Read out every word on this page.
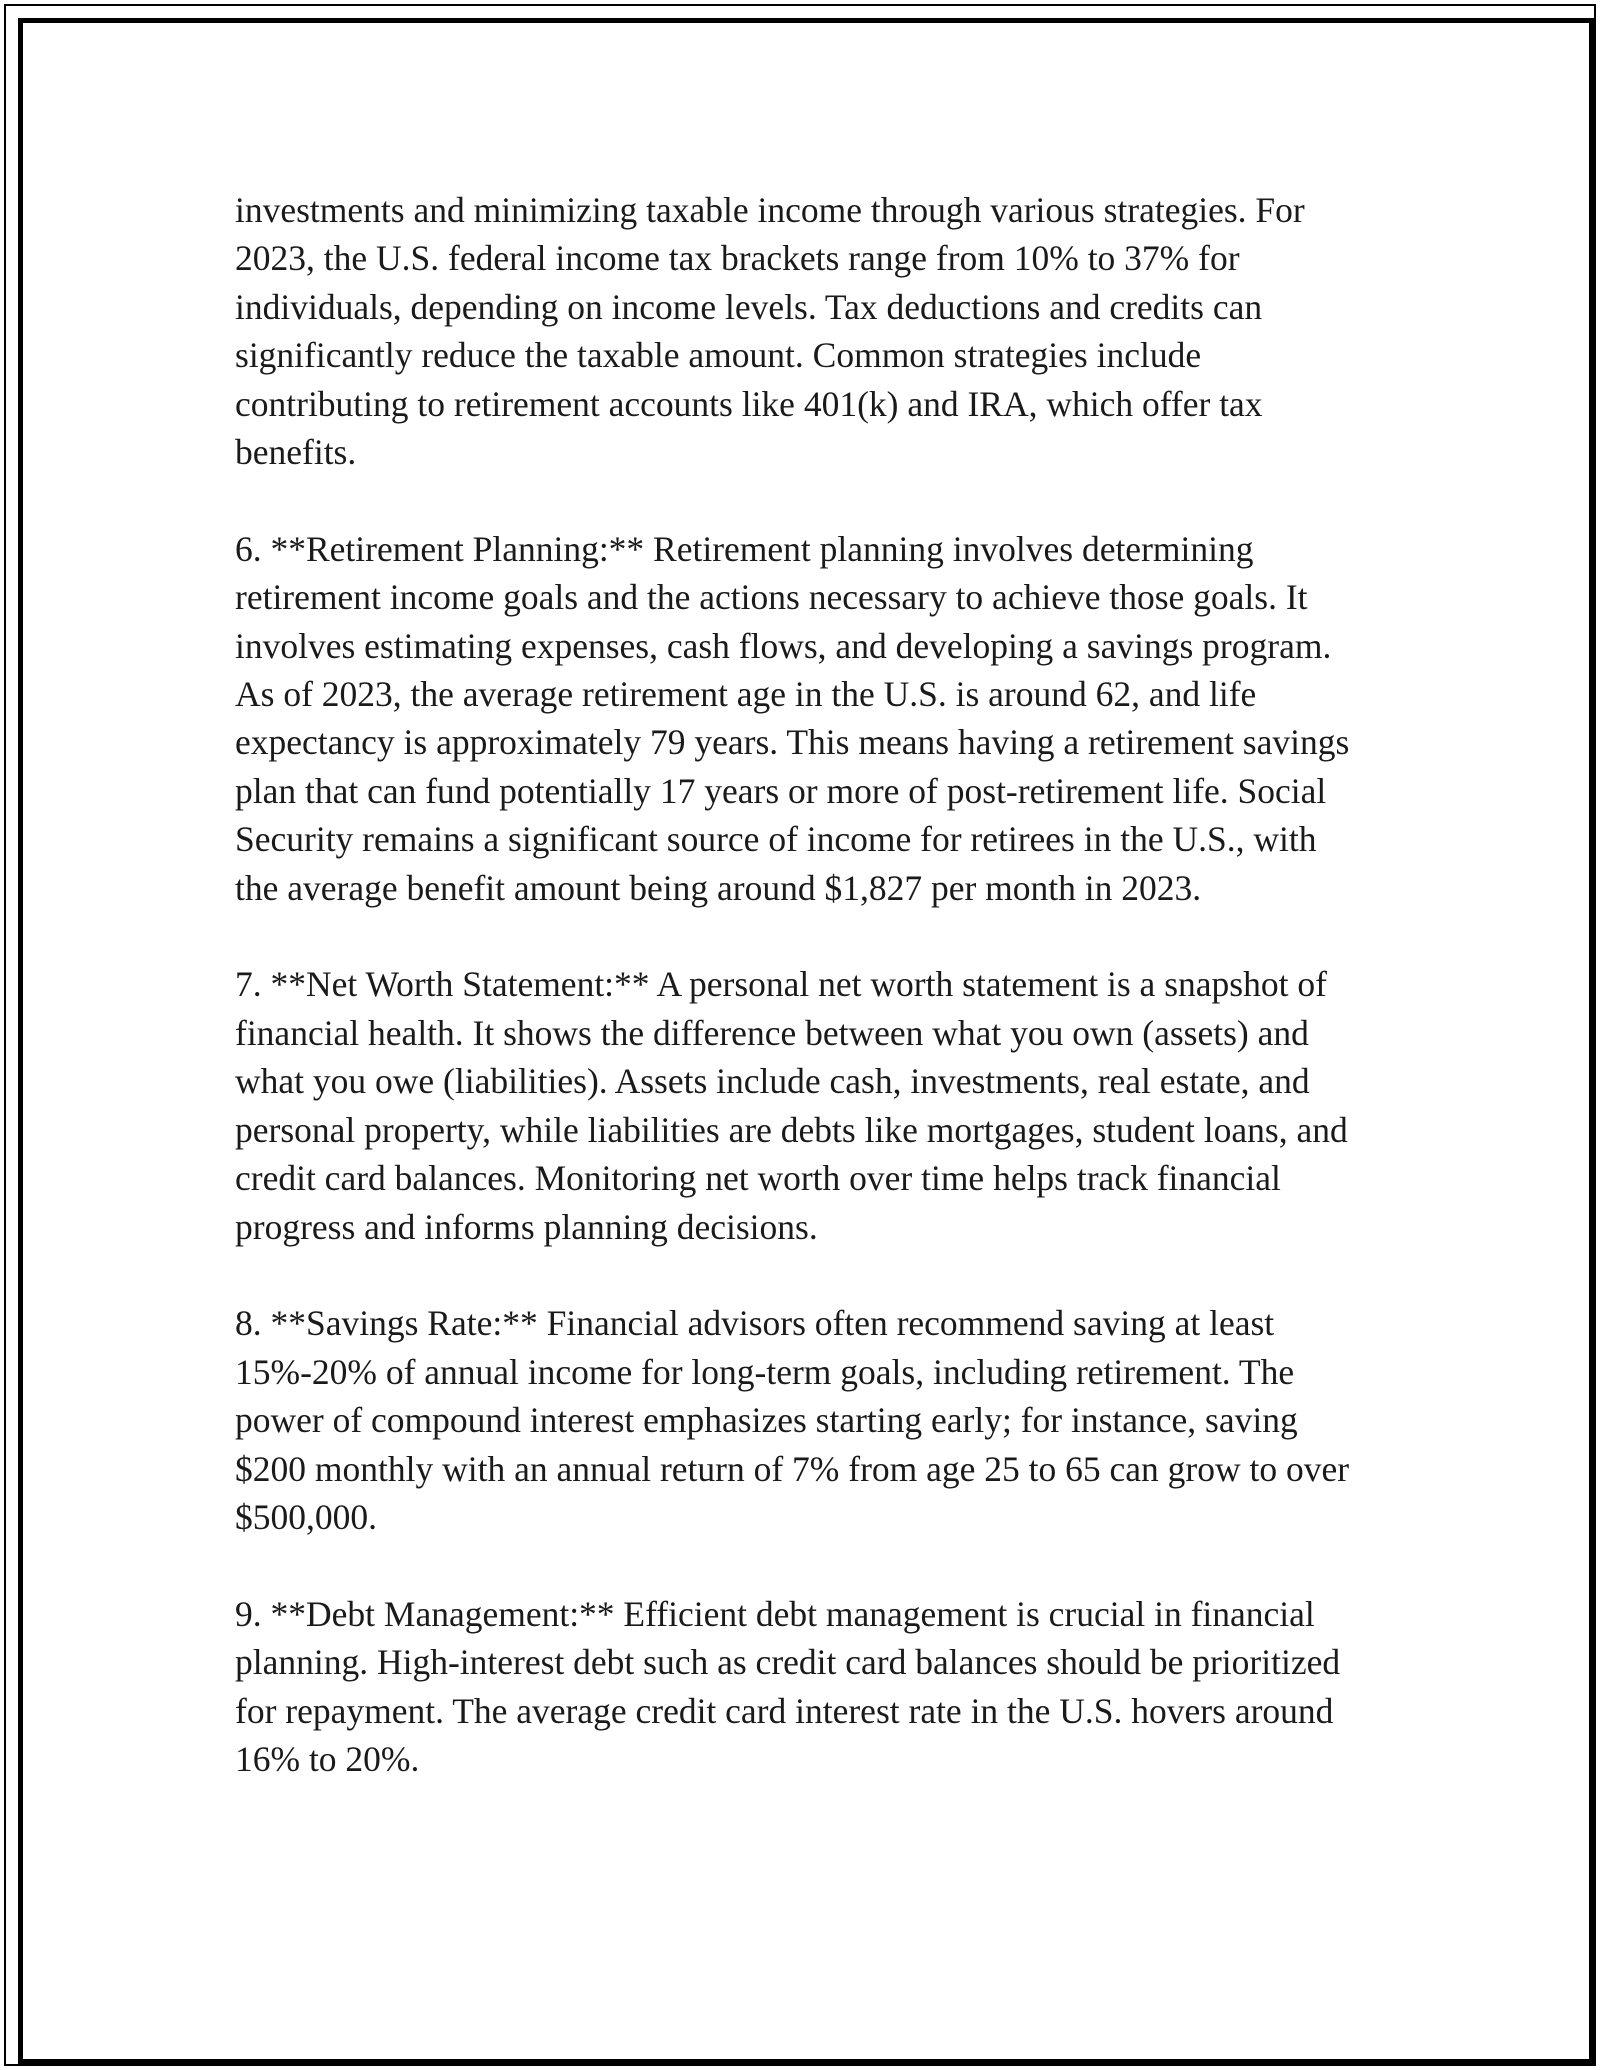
investments and minimizing taxable income through various strategies. For 2023, the U.S. federal income tax brackets range from 10% to 37% for individuals, depending on income levels. Tax deductions and credits can significantly reduce the taxable amount. Common strategies include contributing to retirement accounts like 401(k) and IRA, which offer tax benefits.

6. **Retirement Planning:** Retirement planning involves determining retirement income goals and the actions necessary to achieve those goals. It involves estimating expenses, cash flows, and developing a savings program. As of 2023, the average retirement age in the U.S. is around 62, and life expectancy is approximately 79 years. This means having a retirement savings plan that can fund potentially 17 years or more of post-retirement life. Social Security remains a significant source of income for retirees in the U.S., with the average benefit amount being around $1,827 per month in 2023.

7. **Net Worth Statement:** A personal net worth statement is a snapshot of financial health. It shows the difference between what you own (assets) and what you owe (liabilities). Assets include cash, investments, real estate, and personal property, while liabilities are debts like mortgages, student loans, and credit card balances. Monitoring net worth over time helps track financial progress and informs planning decisions.

8. **Savings Rate:** Financial advisors often recommend saving at least 15%-20% of annual income for long-term goals, including retirement. The power of compound interest emphasizes starting early; for instance, saving $200 monthly with an annual return of 7% from age 25 to 65 can grow to over $500,000.

9. **Debt Management:** Efficient debt management is crucial in financial planning. High-interest debt such as credit card balances should be prioritized for repayment. The average credit card interest rate in the U.S. hovers around 16% to 20%.
